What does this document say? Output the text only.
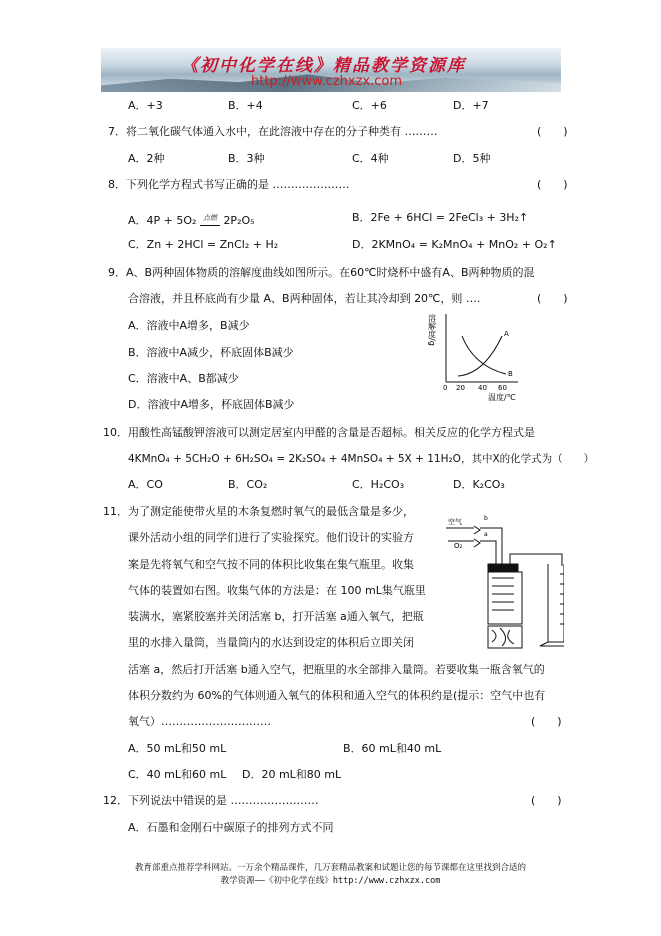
《初中化学在线》精品教学资源库
http://www.czhxzx.com
A．+3	B．+4	C．+6	D．+7
7．将二氧化碳气体通入水中，在此溶液中存在的分子种类有 ………	(　　)
A．2种	B．3种	C．4种	D．5种
8．下列化学方程式书写正确的是 …………………	(　　)
A．4P + 5O₂ 点燃 2P₂O₅	B．2Fe + 6HCl = 2FeCl₃ + 3H₂↑
C．Zn + 2HCl = ZnCl₂ + H₂	D．2KMnO₄ = K₂MnO₄ + MnO₂ + O₂↑
9．A、B两种固体物质的溶解度曲线如图所示。在60℃时烧杯中盛有A、B两种物质的混
合溶液，并且杯底尚有少量 A、B两种固体，若让其冷却到 20℃，则 ….	(　　)
A．溶液中A增多，B减少
B．溶液中A减少，杯底固体B减少
C．溶液中A、B都减少
D．溶液中A增多，杯底固体B减少
溶解度/g	A
B
0 20 40 60
温度/℃
10．用酸性高锰酸钾溶液可以测定居室内甲醛的含量是否超标。相关反应的化学方程式是
4KMnO₄ + 5CH₂O + 6H₂SO₄ = 2K₂SO₄ + 4MnSO₄ + 5X + 11H₂O，其中X的化学式为（　　）
A．CO	B．CO₂	C．H₂CO₃	D．K₂CO₃
11．为了测定能使带火星的木条复燃时氧气的最低含量是多少，
课外活动小组的同学们进行了实验探究。他们设计的实验方
案是先将氧气和空气按不同的体积比收集在集气瓶里。收集
气体的装置如右图。收集气体的方法是：在 100 mL集气瓶里
装满水，塞紧胶塞并关闭活塞 b，打开活塞 a通入氧气，把瓶
里的水排入量筒，当量筒内的水达到设定的体积后立即关闭
活塞 a，然后打开活塞 b通入空气，把瓶里的水全部排入量筒。若要收集一瓶含氧气的
体积分数约为 60%的气体则通入氧气的体积和通入空气的体积约是(提示：空气中也有
氧气）…………………………	(　　)
空气
O₂
b
a
A．50 mL和50 mL	B．60 mL和40 mL
C．40 mL和60 mL D．20 mL和80 mL
12．下列说法中错误的是 ……………………	(　　)
A．石墨和金刚石中碳原子的排列方式不同
教育部重点推荐学科网站。一万余个精品课件，几万套精品教案和试题让您的每节课都在这里找到合适的
教学资源——《初中化学在线》http://www.czhxzx.com
